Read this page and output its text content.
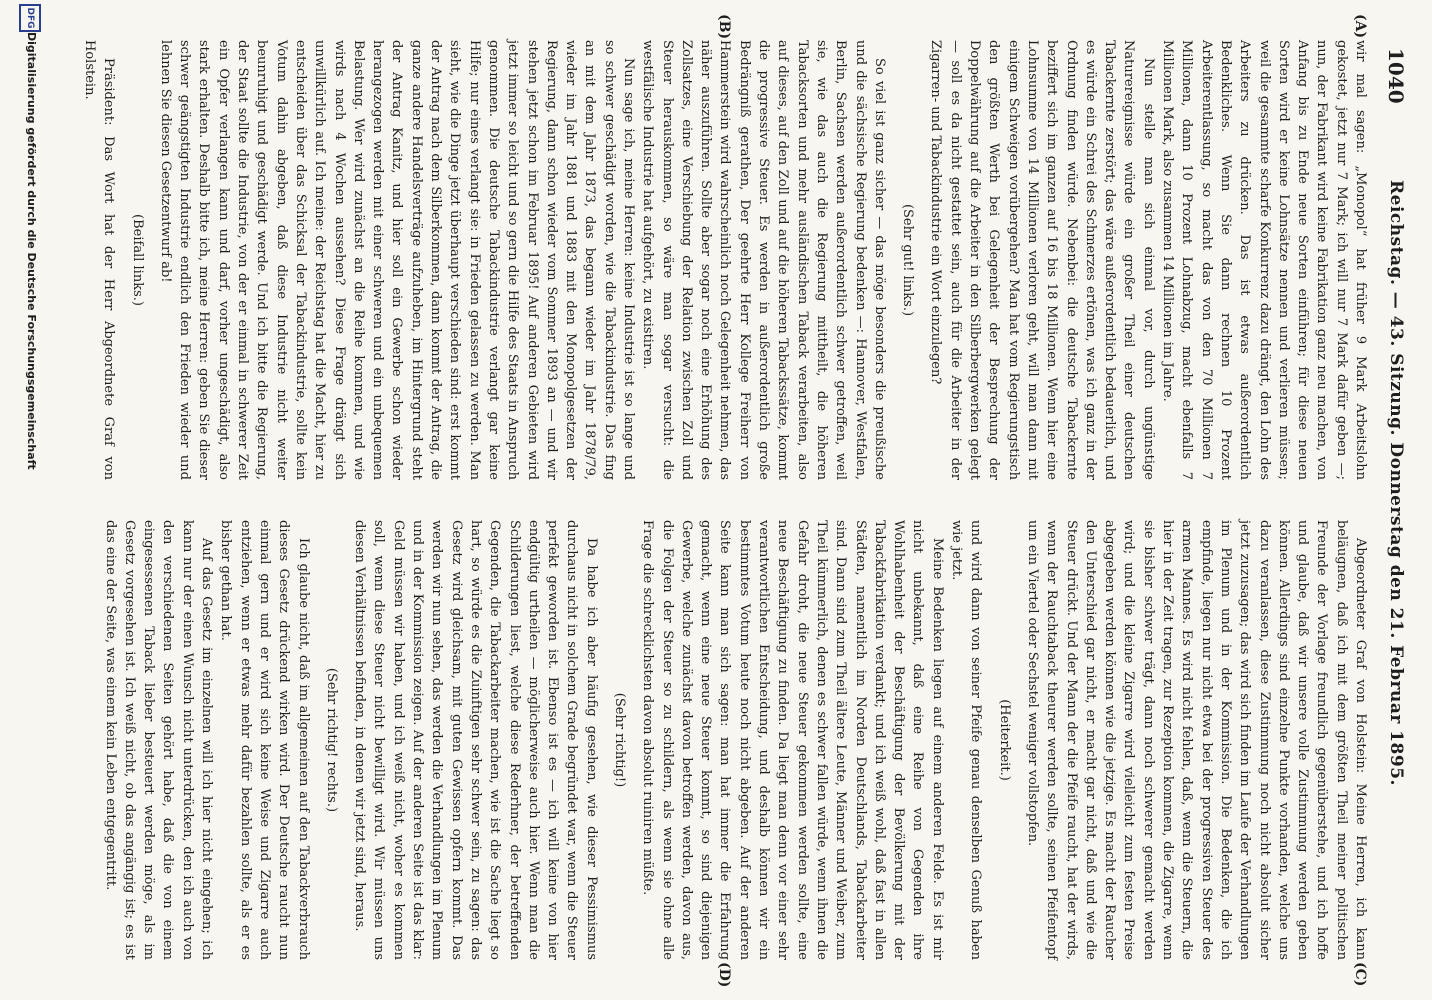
1040
Reichstag. — 43. Sitzung. Donnerstag den 21. Februar 1895.
(A)
(B)
(C)
(D)

wir mal sagen: „Monopol“ hat früher 9 Mark Arbeitslohn gekostet, jetzt nur 7 Mark; ich will nur 7 Mark dafür geben —; nun, der Fabrikant wird keine Fabrikation ganz neu machen, von Anfang bis zu Ende neue Sorten einführen; für diese neuen Sorten wird er keine Lohnsätze nennen und verlieren müssen; weil die gesammte scharfe Konkurrenz dazu drängt, den Lohn des Arbeiters zu drücken. Das ist etwas außerordentlich Bedenkliches. Wenn Sie dann rechnen 10 Prozent Arbeiterentlassung, so macht das von den 70 Millionen 7 Millionen, dann 10 Prozent Lohnabzug, macht ebenfalls 7 Millionen Mark, also zusammen 14 Millionen im Jahre.

Nun stelle man sich einmal vor, durch ungünstige Naturereignisse würde ein großer Theil einer deutschen Tabackernte zerstört; das wäre außerordentlich bedauerlich, und es würde ein Schrei des Schmerzes ertönen, was ich ganz in der Ordnung finden würde. Nebenbei: die deutsche Tabackernte beziffert sich im ganzen auf 16 bis 18 Millionen. Wenn hier eine Lohnsumme von 14 Millionen verloren geht, will man dann mit einigem Schweigen vorübergehen? Man hat vom Regierungstisch den größten Werth bei Gelegenheit der Besprechung der Doppelwährung auf die Arbeiter in den Silberbergwerken gelegt — soll es da nicht gestattet sein, auch für die Arbeiter in der Zigarren- und Tabackindustrie ein Wort einzulegen?

(Sehr gut! links.)

So viel ist ganz sicher — das möge besonders die preußische und die sächsische Regierung bedenken —: Hannover, Westfalen, Berlin, Sachsen werden außerordentlich schwer getroffen, weil sie, wie das auch die Regierung mittheilt, die höheren Tabacksorten und mehr ausländischen Taback verarbeiten, also auf dieses, auf den Zoll und auf die höheren Tabackssätze, kommt die progressive Steuer. Es werden in außerordentlich große Bedrängniß gerathen, Der geehrte Herr Kollege Freiherr von Hammerstein wird wahrscheinlich noch Gelegenheit nehmen, das näher auszuführen. Sollte aber sogar noch eine Erhöhung des Zollsatzes, eine Verschiebung der Relation zwischen Zoll und Steuer herauskommen, so wäre man sogar versucht: die westfälische Industrie hat aufgehört, zu existiren.

Nun sage ich, meine Herren: keine Industrie ist so lange und so schwer geschädigt worden, wie die Tabackindustrie. Das fing an mit dem Jahr 1873, das begann wieder im Jahr 1878/79, wieder im Jahr 1881 und 1883 mit den Monopolgesetzen der Regierung, dann schon wieder vom Sommer 1893 an — und wir stehen jetzt schon im Februar 1895! Auf anderen Gebieten wird jetzt immer so leicht und so gern die Hilfe des Staats in Anspruch genommen. Die deutsche Tabackindustrie verlangt gar keine Hilfe; nur eines verlangt sie: in Frieden gelassen zu werden. Man sieht, wie die Dinge jetzt überhaupt verschieden sind: erst kommt der Antrag nach dem Silberkommen, dann kommt der Antrag, die ganze andere Handelsverträge aufzuheben, im Hintergrund steht der Antrag Kanitz, und hier soll ein Gewerbe schon wieder herangezogen werden mit einer schweren und ein unbequemen Belastung. Wer wird zunächst an die Reihe kommen, und wie wirds nach 4 Wochen aussehen? Diese Frage drängt sich unwillkürlich auf. Ich meine: der Reichstag hat die Macht, hier zu entscheiden über das Schicksal der Tabackindustrie, sollte kein Votum dahin abgeben, daß diese Industrie nicht weiter beunruhigt und geschädigt werde. Und ich bitte die Regierung, der Staat sollte die Industrie, von der er einmal in schwerer Zeit ein Opfer verlangen kann und darf, vorher ungeschädigt, also stark erhalten. Deshalb bitte ich, meine Herren: geben Sie dieser schwer geängstigten Industrie endlich den Frieden wieder und lehnen Sie diesen Gesetzentwurf ab!

(Beifall links.)

Präsident: Das Wort hat der Herr Abgeordnete Graf von Holstein.

Abgeordneter Graf von Holstein: Meine Herren, ich kann beläugnen, daß ich mit dem größten Theil meiner politischen Freunde der Vorlage freundlich gegenüberstehe, und ich hoffe und glaube, daß wir unsere volle Zustimmung werden geben können. Allerdings sind einzelne Punkte vorhanden, welche uns dazu veranlassen, diese Zustimmung noch nicht absolut sicher jetzt zuzusagen; das wird sich finden im Laufe der Verhandlungen im Plenum und in der Kommission. Die Bedenken, die ich empfinde, liegen nur nicht etwa bei der progressiven Steuer des armen Mannes. Es wird nicht fehlen, daß, wenn die Steuern, die hier in der Zeit tragen, zur Rezeption kommen, die Zigarre, wenn sie bisher schwer trägt, dann noch schwerer gemacht werden wird; und die kleine Zigarre wird vielleicht zum festen Preise abgegeben werden können wie die jetzige. Es macht der Raucher den Unterschied gar nicht, er macht gar nicht, daß und wie die Steuer drückt. Und der Mann der die Pfeife raucht, hat der wirds, wenn der Rauchtaback theurer werden sollte, seinen Pfeifentopf um ein Viertel oder Sechstel weniger vollstopfen.

(Heiterkeit.)

und wird dann von seiner Pfeife genau denselben Genuß haben wie jetzt.

Meine Bedenken liegen auf einem anderen Felde. Es ist mir nicht unbekannt, daß eine Reihe von Gegenden ihre Wohlhabenheit der Beschäftigung der Bevölkerung mit der Tabackfabrikation verdankt; und ich weiß wohl, daß fast in allen Städten, namentlich im Norden Deutschlands, Tabackarbeiter sind. Dann sind zum Theil ältere Leute, Männer und Weiber, zum Theil kümmerlich, denen es schwer fallen würde, wenn ihnen die Gefahr droht, die neue Steuer gekommen werden sollte, eine neue Beschäftigung zu finden. Da liegt man denn vor einer sehr verantwortlichen Entscheidung, und deshalb können wir ein bestimmtes Votum heute noch nicht abgeben. Auf der anderen Seite kann man sich sagen: man hat immer die Erfahrung gemacht, wenn eine neue Steuer kommt, so sind diejenigen Gewerbe, welche zunächst davon betroffen werden, davon aus, die Folgen der Steuer so zu schildern, als wenn sie ohne alle Frage die schrecklichsten davon absolut ruiniren müßte.

(Sehr richtig!)

Da habe ich aber häufig gesehen, wie dieser Pessimismus durchaus nicht in solchem Grade begründet war, wenn die Steuer perfekt geworden ist. Ebenso ist es — ich will keine von hier endgültig urtheilen — möglicherweise auch hier. Wenn man die Schilderungen liest, welche diese Rederhner, der betreffenden Gegenden, die Tabackarbeiter machen, wie ist die Sache liegt so hart, so würde es die Zuinftigen sehr schwer sein, zu sagen: das Gesetz wird gleichsam, mit guten Gewissen opfern kommt. Das werden wir nun sehen, das werden die Verhandlungen im Plenum und in der Kommission zeigen. Auf der anderen Seite ist das klar: Geld müssen wir haben, und ich weiß nicht, woher es kommen soll, wenn diese Steuer nicht bewilligt wird. Wir müssen uns diesen Verhältnissen befinden, in denen wir jetzt sind, heraus.

(Sehr richtig! rechts.)

Ich glaube nicht, daß im allgemeinen auf den Tabackverbrauch dieses Gesetz drückend wirken wird. Der Deutsche raucht nun einmal gern und er wird sich keine Weise und Zigarre auch entziehen, wenn er etwas mehr dafür bezahlen sollte, als er es bisher gethan hat.

Auf das Gesetz im einzelnen will ich hier nicht eingehen; ich kann nur der einen Wunsch nicht unterdrücken, den ich auch von den verschiedenen Seiten gehört habe, daß die von einem eingesessenen Taback lieber besteuert werden möge, als im Gesetz vorgesehen ist. Ich weiß nicht, ob das angängig ist; es ist das eine der Seite, was einem kein Leben entgegentritt.

DFG
Digitalisierung gefördert durch die Deutsche Forschungsgemeinschaft
